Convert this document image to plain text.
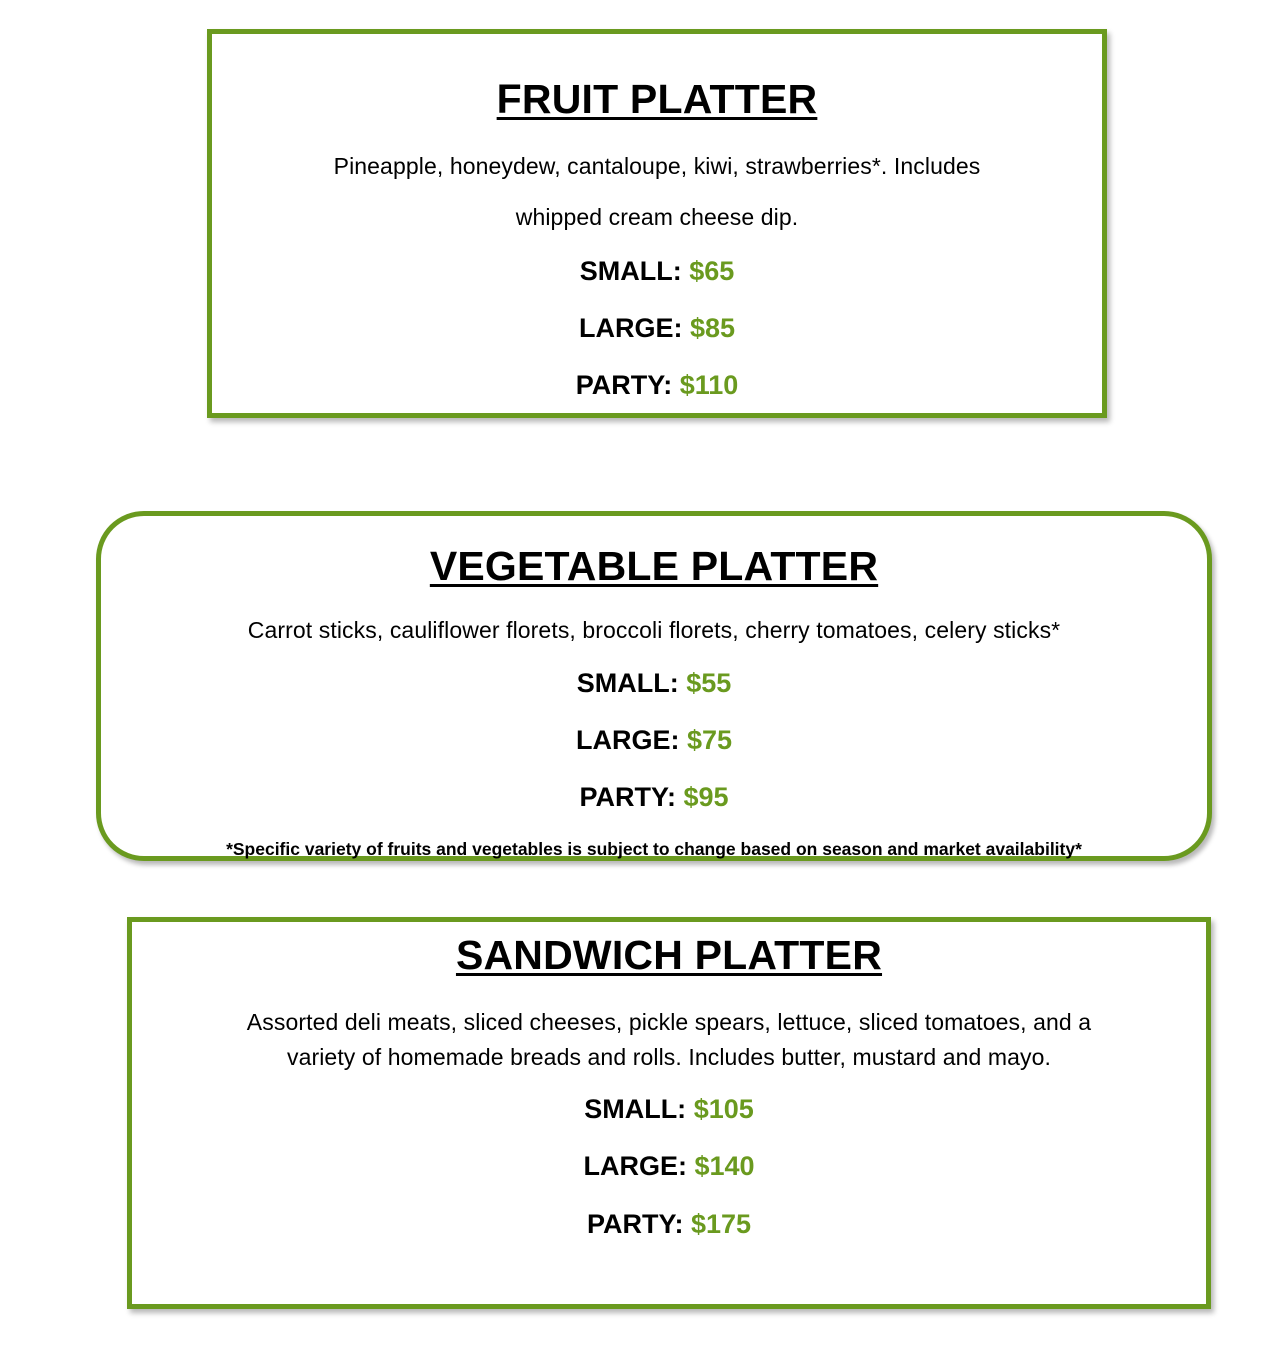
FRUIT PLATTER

Pineapple, honeydew, cantaloupe, kiwi, strawberries*. Includes

whipped cream cheese dip.

SMALL: $65

LARGE: $85

PARTY: $110

VEGETABLE PLATTER

Carrot sticks, cauliflower florets, broccoli florets, cherry tomatoes, celery sticks*

SMALL: $55

LARGE: $75

PARTY: $95

*Specific variety of fruits and vegetables is subject to change based on season and market availability*

SANDWICH PLATTER

Assorted deli meats, sliced cheeses, pickle spears, lettuce, sliced tomatoes, and a

variety of homemade breads and rolls. Includes butter, mustard and mayo.

SMALL: $105

LARGE: $140

PARTY: $175
